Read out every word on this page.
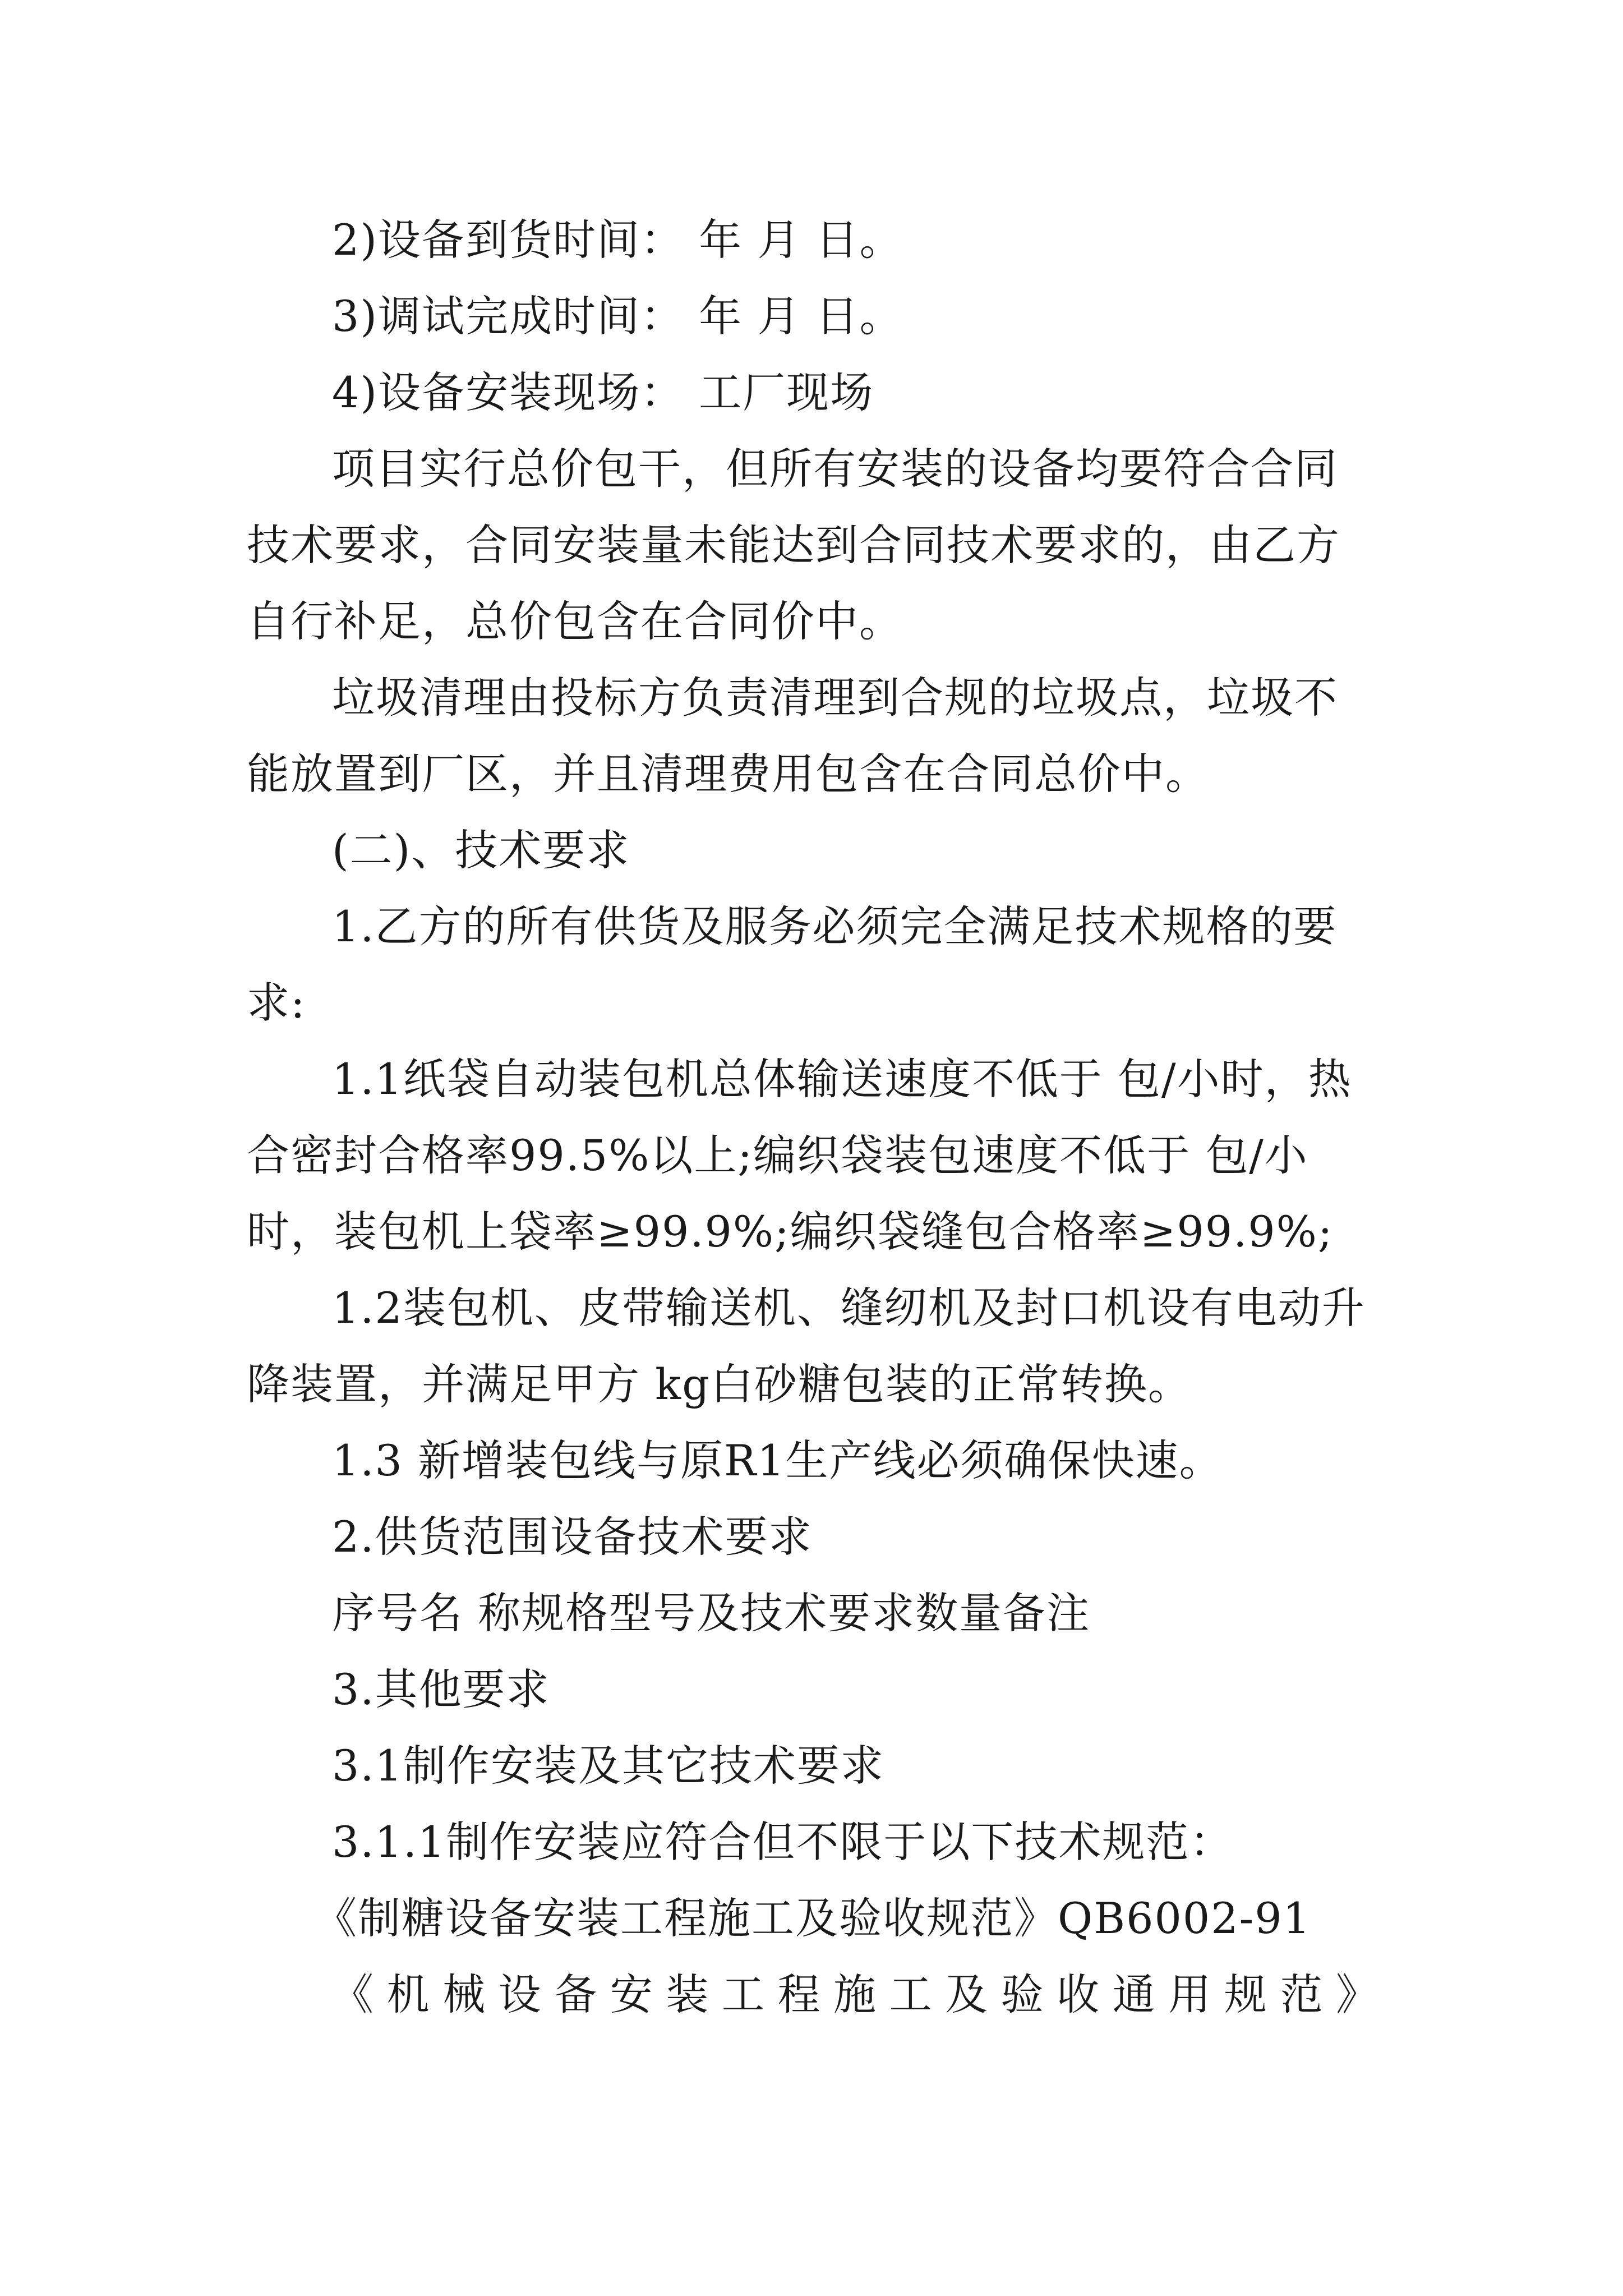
2)设备到货时间： 年 月 日。

3)调试完成时间： 年 月 日。

4)设备安装现场： 工厂现场

项目实行总价包干，但所有安装的设备均要符合合同技术要求，合同安装量未能达到合同技术要求的，由乙方自行补足，总价包含在合同价中。

垃圾清理由投标方负责清理到合规的垃圾点，垃圾不能放置到厂区，并且清理费用包含在合同总价中。

(二)、技术要求

1.乙方的所有供货及服务必须完全满足技术规格的要求:

1.1纸袋自动装包机总体输送速度不低于 包/小时，热合密封合格率99.5%以上;编织袋装包速度不低于 包/小时，装包机上袋率≥99.9%;编织袋缝包合格率≥99.9%;

1.2装包机、皮带输送机、缝纫机及封口机设有电动升降装置，并满足甲方 kg白砂糖包装的正常转换。

1.3 新增装包线与原R1生产线必须确保快速。

2.供货范围设备技术要求

序号名 称规格型号及技术要求数量备注

3.其他要求

3.1制作安装及其它技术要求

3.1.1制作安装应符合但不限于以下技术规范：

《制糖设备安装工程施工及验收规范》QB6002-91

《机械设备安装工程施工及验收通用规范》
